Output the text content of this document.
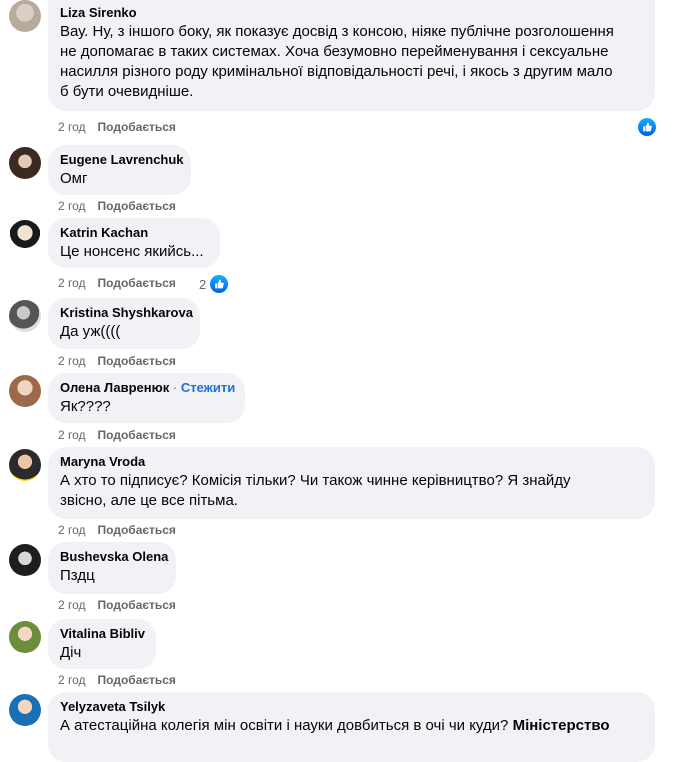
Liza Sirenko
Вау. Ну, з іншого боку, як показує досвід з консою, ніяке публічне розголошення не допомагає в таких системах. Хоча безумовно перейменування і сексуальне насилля різного роду кримінальної відповідальності речі, і якось з другим мало б бути очевидніше.
2 год Подобається
Eugene Lavrenchuk
Омг
2 год Подобається
Katrin Kachan
Це нонсенс якийсь...
2 год Подобається 2
Kristina Shyshkarova
Да уж((((
2 год Подобається
Олена Лавренюк · Стежити
Як????
2 год Подобається
Maryna Vroda
А хто то підписує? Комісія тільки? Чи також чинне керівництво? Я знайду звісно, але це все пітьма.
2 год Подобається
Bushevska Olena
Пздц
2 год Подобається
Vitalina Bibliv
Діч
2 год Подобається
Yelyzaveta Tsilyk
А атестаційна колегія мін освіти і науки довбиться в очі чи куди? Міністерство
